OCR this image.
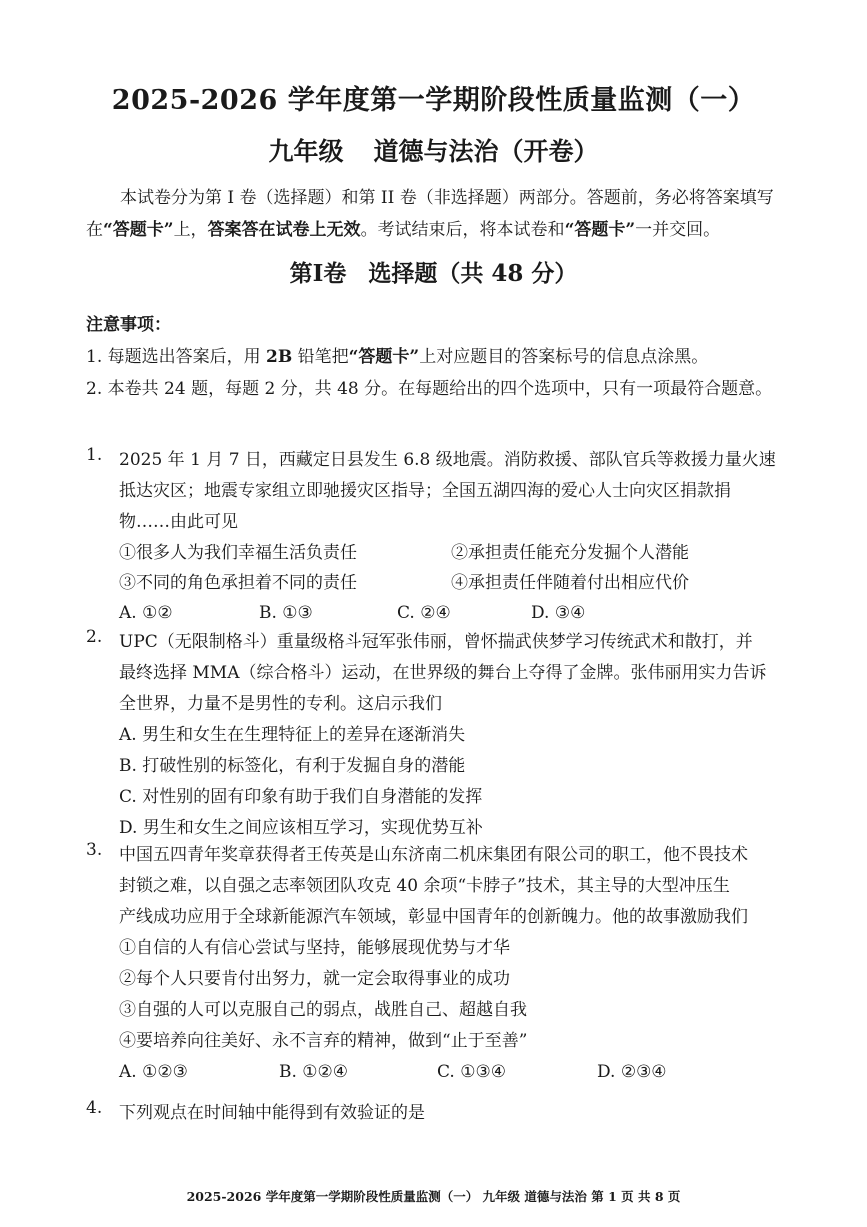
2025-2026 学年度第一学期阶段性质量监测（一）
九年级 道德与法治（开卷）
本试卷分为第 I 卷（选择题）和第 II 卷（非选择题）两部分。答题前，务必将答案填写在“答题卡”上，答案答在试卷上无效。考试结束后，将本试卷和“答题卡”一并交回。
第Ⅰ卷 选择题（共 48 分）
注意事项：
1. 每题选出答案后，用 2B 铅笔把“答题卡”上对应题目的答案标号的信息点涂黑。
2. 本卷共 24 题，每题 2 分，共 48 分。在每题给出的四个选项中，只有一项最符合题意。
1. 2025 年 1 月 7 日，西藏定日县发生 6.8 级地震。消防救援、部队官兵等救援力量火速
抵达灾区；地震专家组立即驰援灾区指导；全国五湖四海的爱心人士向灾区捐款捐
物……由此可见
①很多人为我们幸福生活负责任	②承担责任能充分发掘个人潜能
③不同的角色承担着不同的责任	④承担责任伴随着付出相应代价
A. ①②	B. ①③	C. ②④	D. ③④
2. UPC（无限制格斗）重量级格斗冠军张伟丽，曾怀揣武侠梦学习传统武术和散打，并
最终选择 MMA（综合格斗）运动，在世界级的舞台上夺得了金牌。张伟丽用实力告诉
全世界，力量不是男性的专利。这启示我们
A. 男生和女生在生理特征上的差异在逐渐消失
B. 打破性别的标签化，有利于发掘自身的潜能
C. 对性别的固有印象有助于我们自身潜能的发挥
D. 男生和女生之间应该相互学习，实现优势互补
3. 中国五四青年奖章获得者王传英是山东济南二机床集团有限公司的职工，他不畏技术
封锁之难，以自强之志率领团队攻克 40 余项“卡脖子”技术，其主导的大型冲压生
产线成功应用于全球新能源汽车领域，彰显中国青年的创新魄力。他的故事激励我们
①自信的人有信心尝试与坚持，能够展现优势与才华
②每个人只要肯付出努力，就一定会取得事业的成功
③自强的人可以克服自己的弱点，战胜自己、超越自我
④要培养向往美好、永不言弃的精神，做到“止于至善”
A. ①②③	B. ①②④	C. ①③④	D. ②③④
4. 下列观点在时间轴中能得到有效验证的是
2025-2026 学年度第一学期阶段性质量监测（一） 九年级 道德与法治 第 1 页 共 8 页
